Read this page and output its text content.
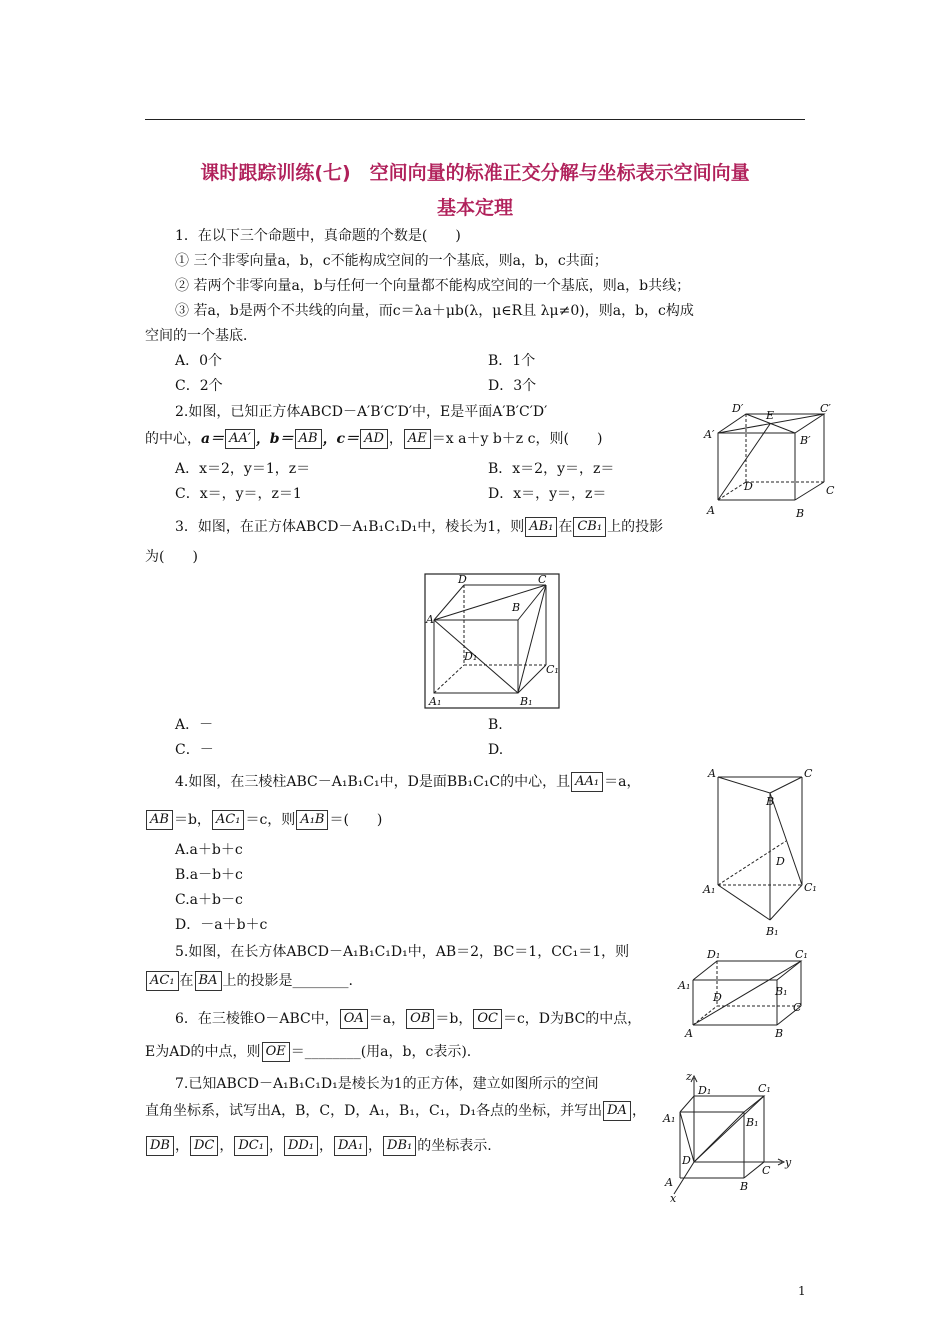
课时跟踪训练(七)　空间向量的标准正交分解与坐标表示空间向量
基本定理
1．在以下三个命题中，真命题的个数是(　　)
① 三个非零向量a，b，c不能构成空间的一个基底，则a，b，c共面；
② 若两个非零向量a，b与任何一个向量都不能构成空间的一个基底，则a，b共线；
③ 若a，b是两个不共线的向量，而c＝λa＋μb(λ，μ∈R且 λμ≠0)，则a，b，c构成
空间的一个基底．
A．0个	B．1个
C．2个	D．3个
2.如图，已知正方体ABCD－A′B′C′D′中，E是平面A′B′C′D′
的中心，a＝ AA′ ，b＝ AB ，c＝ AD ， AE ＝x a＋y b＋z c，则(　　)
A．x＝2，y＝1，z＝	B．x＝2，y＝，z＝
C．x＝，y＝，z＝1	D．x＝，y＝，z＝
3．如图，在正方体ABCD－A₁B₁C₁D₁中，棱长为1，则 AB₁ 在 CB₁ 上的投影
为(　　)
A．－	B.
C．－	D.
4.如图，在三棱柱ABC－A₁B₁C₁中，D是面BB₁C₁C的中心，且 AA₁ ＝a，
AB ＝b， AC₁ ＝c，则 A₁B ＝(　　)
A.a＋b＋c
B.a－b＋c
C.a＋b－c
D．－a＋b＋c
5.如图，在长方体ABCD－A₁B₁C₁D₁中，AB＝2，BC＝1，CC₁＝1，则
AC₁ 在 BA 上的投影是________.
6．在三棱锥O－ABC中， OA ＝a， OB ＝b， OC ＝c，D为BC的中点，
E为AD的中点，则 OE ＝________(用a，b，c表示).
7.已知ABCD－A₁B₁C₁D₁是棱长为1的正方体，建立如图所示的空间
直角坐标系，试写出A，B，C，D，A₁，B₁，C₁，D₁各点的坐标，并写出 DA ，
DB ， DC ， DC₁ ， DD₁ ， DA₁ ， DB₁ 的坐标表示.
D′
E
C′
A′	B′
D	C
A	B
D	C
B
A
D₁
C₁
A₁	B₁
A	C
B
D
A₁	C₁
B₁
D₁	C₁
A₁	B₁
D
C
A	B
z
D₁	C₁
A₁	B₁
D
C
y
A	B
x
1
